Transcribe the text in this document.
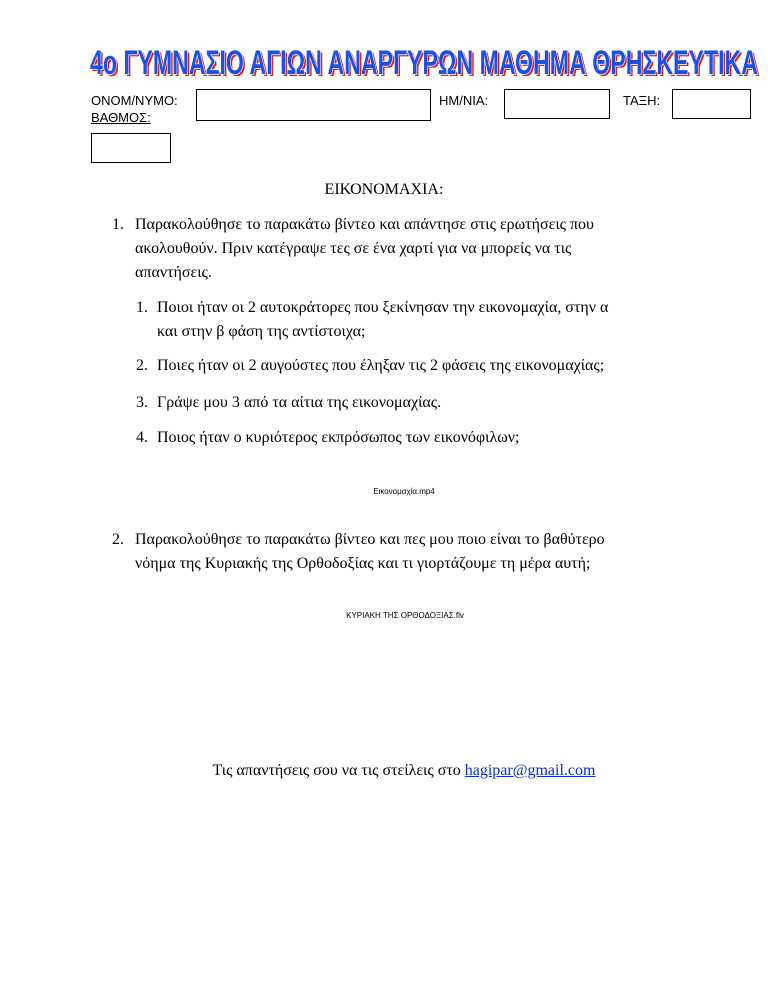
4ο ΓΥΜΝΑΣΙΟ ΑΓΙΩΝ ΑΝΑΡΓΥΡΩΝ ΜΑΘΗΜΑ ΘΡΗΣΚΕΥΤΙΚΑ
4ο ΓΥΜΝΑΣΙΟ ΑΓΙΩΝ ΑΝΑΡΓΥΡΩΝ ΜΑΘΗΜΑ ΘΡΗΣΚΕΥΤΙΚΑ
ΟΝΟΜ/ΝΥΜΟ:	ΗΜ/ΝΙΑ:	ΤΑΞΗ:
ΒΑΘΜΟΣ:
ΕΙΚΟΝΟΜΑΧΙΑ:
1. Παρακολούθησε το παρακάτω βίντεο και απάντησε στις ερωτήσεις που
ακολουθούν. Πριν κατέγραψε τες σε ένα χαρτί για να μπορείς να τις
απαντήσεις.
1. Ποιοι ήταν οι 2 αυτοκράτορες που ξεκίνησαν την εικονομαχία, στην α
και στην β φάση της αντίστοιχα;
2. Ποιες ήταν οι 2 αυγούστες που έληξαν τις 2 φάσεις της εικονομαχίας;
3. Γράψε μου 3 από τα αίτια της εικονομαχίας.
4. Ποιος ήταν ο κυριότερος εκπρόσωπος των εικονόφιλων;
Εικονομαχία.mp4
2. Παρακολούθησε το παρακάτω βίντεο και πες μου ποιο είναι το βαθύτερο
νόημα της Κυριακής της Ορθοδοξίας και τι γιορτάζουμε τη μέρα αυτή;
ΚΥΡΙΑΚΗ ΤΗΣ ΟΡΘΟΔΟΞΙΑΣ.flv
Τις απαντήσεις σου να τις στείλεις στο hagipar@gmail.com
